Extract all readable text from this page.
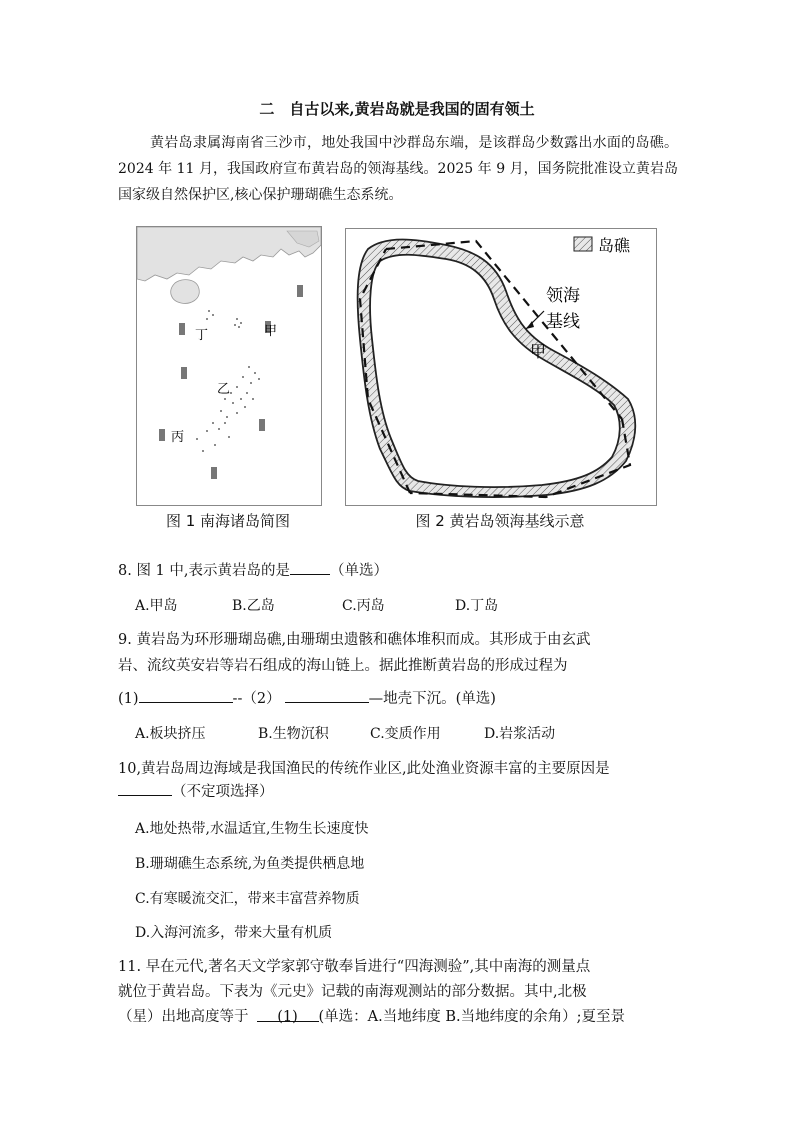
二　自古以来,黄岩岛就是我国的固有领土

黄岩岛隶属海南省三沙市，地处我国中沙群岛东端，是该群岛少数露出水面的岛礁。2024 年 11 月，我国政府宣布黄岩岛的领海基线。2025 年 9 月，国务院批准设立黄岩岛国家级自然保护区,核心保护珊瑚礁生态系统。

丁	甲
乙
丙
图 1 南海诸岛简图
岛礁
领海
基线
甲
图 2 黄岩岛领海基线示意
8. 图 1 中,表示黄岩岛的是	（单选）
A.甲岛	B.乙岛	C.丙岛	D.丁岛
9. 黄岩岛为环形珊瑚岛礁,由珊瑚虫遗骸和礁体堆积而成。其形成于由玄武
岩、流纹英安岩等岩石组成的海山链上。据此推断黄岩岛的形成过程为
(1)	--（2）	—地壳下沉。(单选)
A.板块挤压	B.生物沉积	C.变质作用	D.岩浆活动
10,黄岩岛周边海域是我国渔民的传统作业区,此处渔业资源丰富的主要原因是
（不定项选择）
A.地处热带,水温适宜,生物生长速度快
B.珊瑚礁生态系统,为鱼类提供栖息地
C.有寒暖流交汇，带来丰富营养物质
D.入海河流多，带来大量有机质
11. 早在元代,著名天文学家郭守敬奉旨进行“四海测验”,其中南海的测量点
就位于黄岩岛。下表为《元史》记载的南海观测站的部分数据。其中,北极
（星）出地高度等于 (1) (单选：A.当地纬度 B.当地纬度的余角）;夏至景
